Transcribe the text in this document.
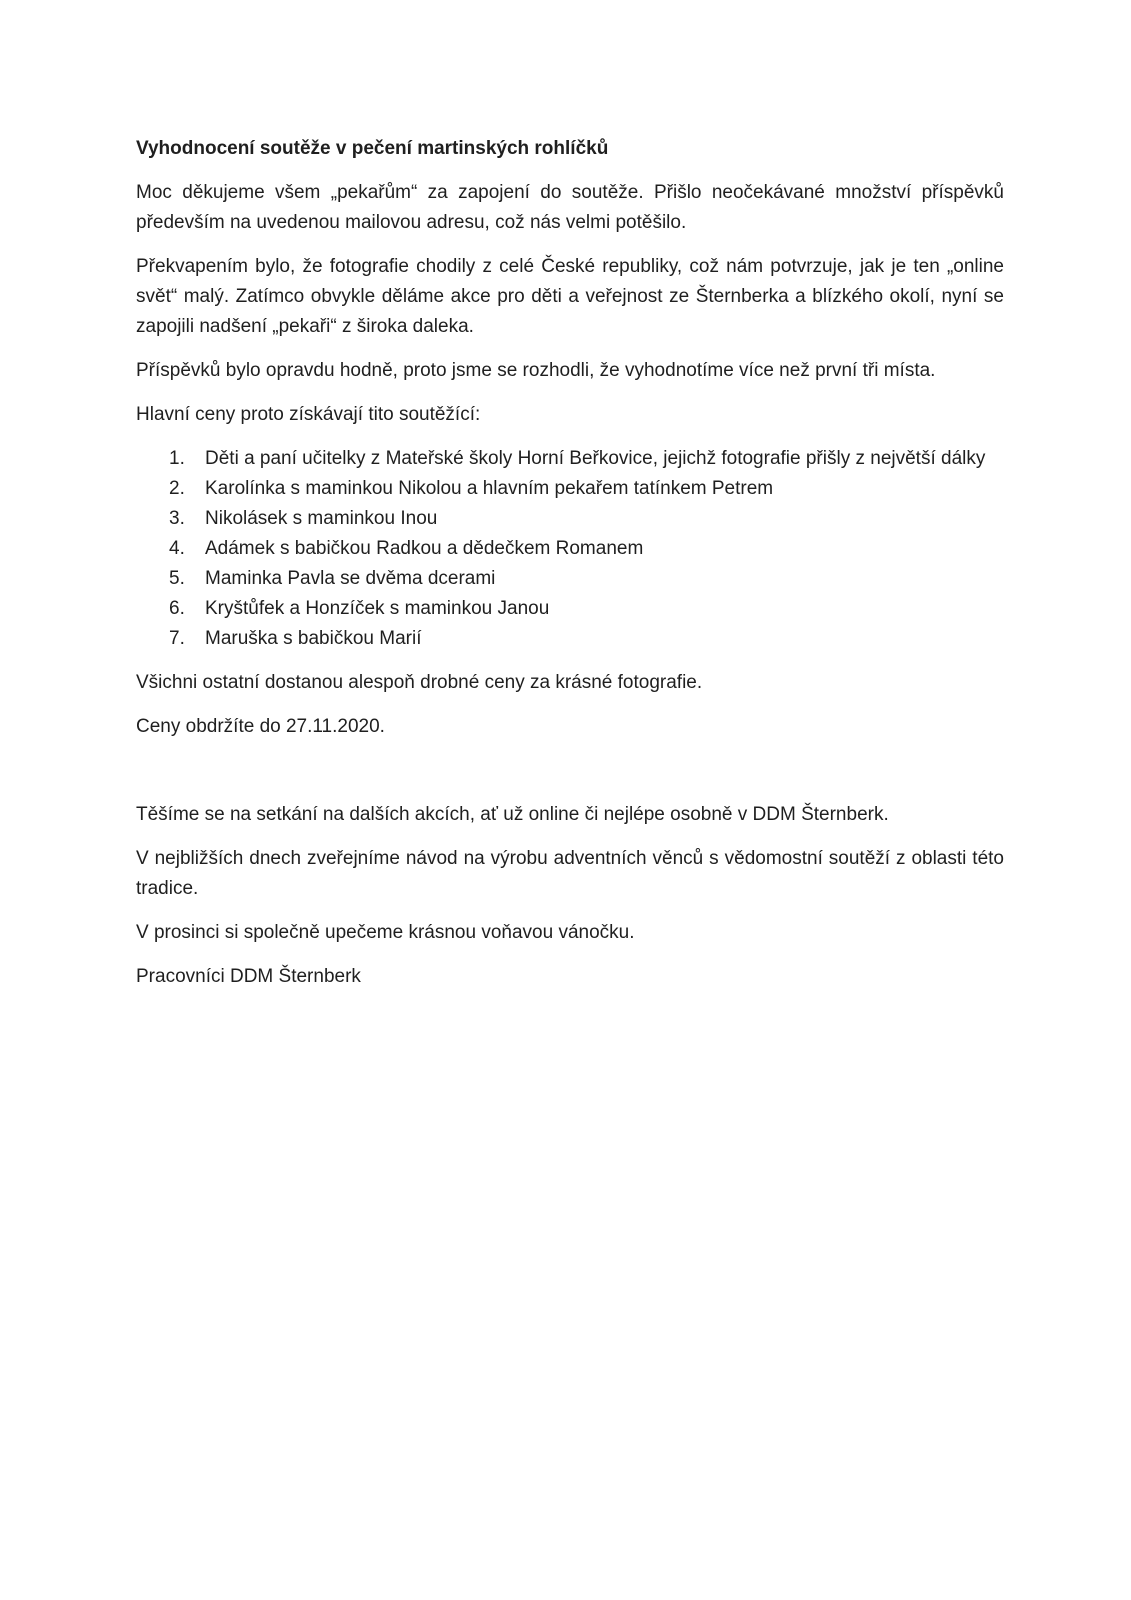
Vyhodnocení soutěže v pečení martinských rohlíčků

Moc děkujeme všem „pekařům“ za zapojení do soutěže. Přišlo neočekávané množství příspěvků především na uvedenou mailovou adresu, což nás velmi potěšilo.

Překvapením bylo, že fotografie chodily z celé České republiky, což nám potvrzuje, jak je ten „online svět“ malý. Zatímco obvykle děláme akce pro děti a veřejnost ze Šternberka a blízkého okolí, nyní se zapojili nadšení „pekaři“ z široka daleka.

Příspěvků bylo opravdu hodně, proto jsme se rozhodli, že vyhodnotíme více než první tři místa.

Hlavní ceny proto získávají tito soutěžící:

1. Děti a paní učitelky z Mateřské školy Horní Beřkovice, jejichž fotografie přišly z největší dálky
2. Karolínka s maminkou Nikolou a hlavním pekařem tatínkem Petrem
3. Nikolásek s maminkou Inou
4. Adámek s babičkou Radkou a dědečkem Romanem
5. Maminka Pavla se dvěma dcerami
6. Kryštůfek a Honzíček s maminkou Janou
7. Maruška s babičkou Marií

Všichni ostatní dostanou alespoň drobné ceny za krásné fotografie.

Ceny obdržíte do 27.11.2020.

Těšíme se na setkání na dalších akcích, ať už online či nejlépe osobně v DDM Šternberk.

V nejbližších dnech zveřejníme návod na výrobu adventních věnců s vědomostní soutěží z oblasti této tradice.

V prosinci si společně upečeme krásnou voňavou vánočku.

Pracovníci DDM Šternberk
